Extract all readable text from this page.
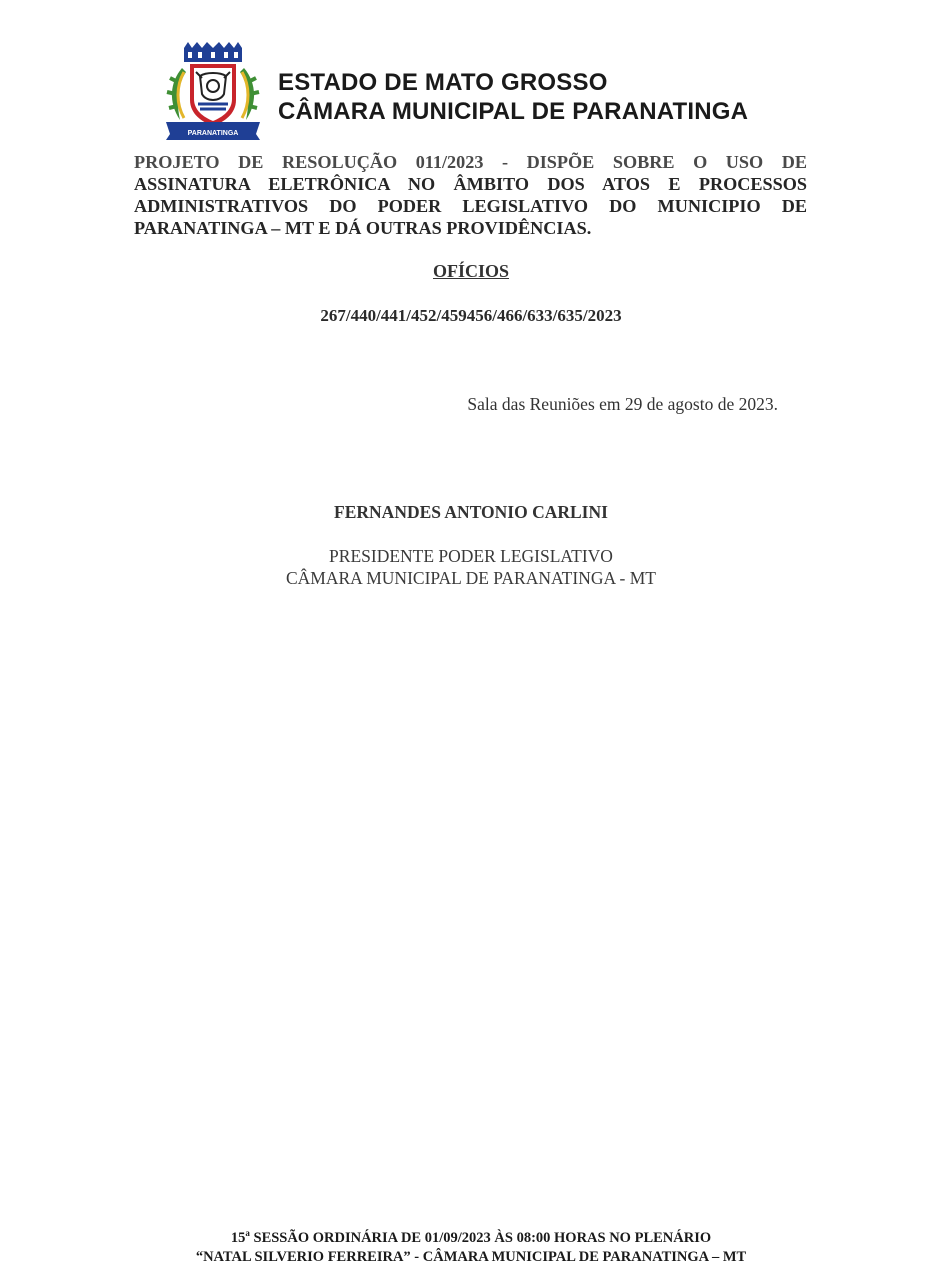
PARANATINGA
ESTADO DE MATO GROSSO
CÂMARA MUNICIPAL DE PARANATINGA
PROJETO DE RESOLUÇÃO 011/2023 - DISPÕE SOBRE O USO DE
ASSINATURA ELETRÔNICA NO ÂMBITO DOS ATOS E PROCESSOS
ADMINISTRATIVOS DO PODER LEGISLATIVO DO MUNICIPIO DE
PARANATINGA – MT E DÁ OUTRAS PROVIDÊNCIAS.
OFÍCIOS
267/440/441/452/459456/466/633/635/2023
Sala das Reuniões em 29 de agosto de 2023.
FERNANDES ANTONIO CARLINI
PRESIDENTE PODER LEGISLATIVO
CÂMARA MUNICIPAL DE PARANATINGA - MT
15$^a$ SESSÃO ORDINÁRIA DE 01/09/2023 ÀS 08:00 HORAS NO PLENÁRIO
“NATAL SILVERIO FERREIRA” - CÂMARA MUNICIPAL DE PARANATINGA – MT
